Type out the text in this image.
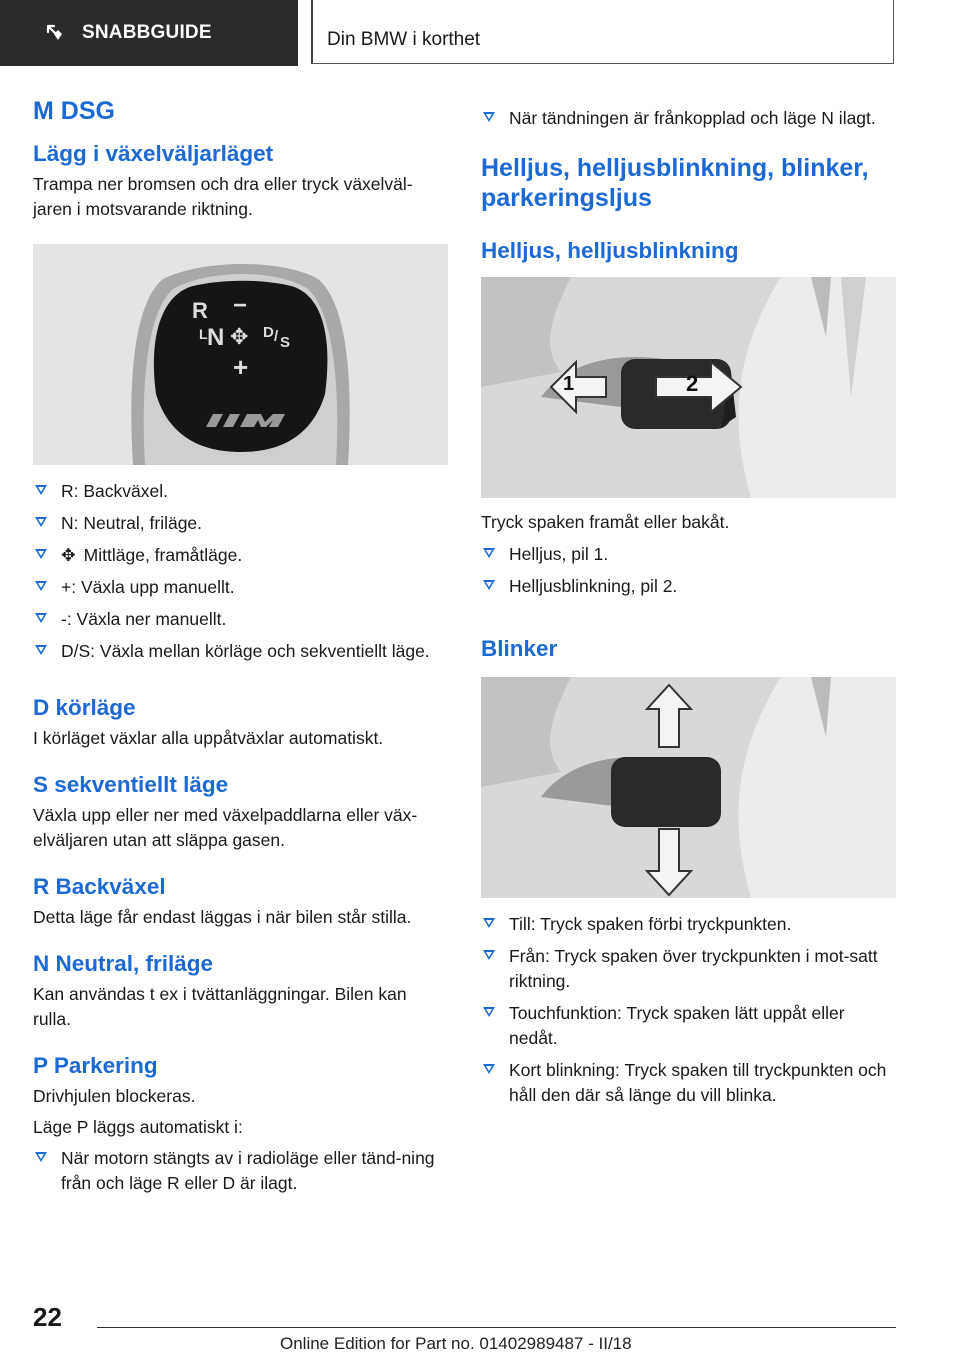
SNABBGUIDE	Din BMW i korthet
M DSG
Lägg i växelväljarläget

Trampa ner bromsen och dra eller tryck växelväl-jaren i motsvarande riktning.

R −
L N ✥ D / S
+
R: Backväxel.
N: Neutral, friläge.
✥ Mittläge, framåtläge.
+: Växla upp manuellt.
-: Växla ner manuellt.
D/S: Växla mellan körläge och sekventiellt läge.
D körläge

I körläget växlar alla uppåtväxlar automatiskt.

S sekventiellt läge

Växla upp eller ner med växelpaddlarna eller väx-elväljaren utan att släppa gasen.

R Backväxel

Detta läge får endast läggas i när bilen står stilla.

N Neutral, friläge

Kan användas t ex i tvättanläggningar. Bilen kan rulla.

P Parkering

Drivhjulen blockeras.

Läge P läggs automatiskt i:

När motorn stängts av i radioläge eller tänd-ning från och läge R eller D är ilagt.
När tändningen är frånkopplad och läge N ilagt.
Helljus, helljusblinkning, blinker, parkeringsljus
Helljus, helljusblinkning
1	2

Tryck spaken framåt eller bakåt.

Helljus, pil 1.
Helljusblinkning, pil 2.
Blinker
Till: Tryck spaken förbi tryckpunkten.
Från: Tryck spaken över tryckpunkten i mot-satt riktning.
Touchfunktion: Tryck spaken lätt uppåt eller nedåt.
Kort blinkning: Tryck spaken till tryckpunkten och håll den där så länge du vill blinka.
22
Online Edition for Part no. 01402989487 - II/18
